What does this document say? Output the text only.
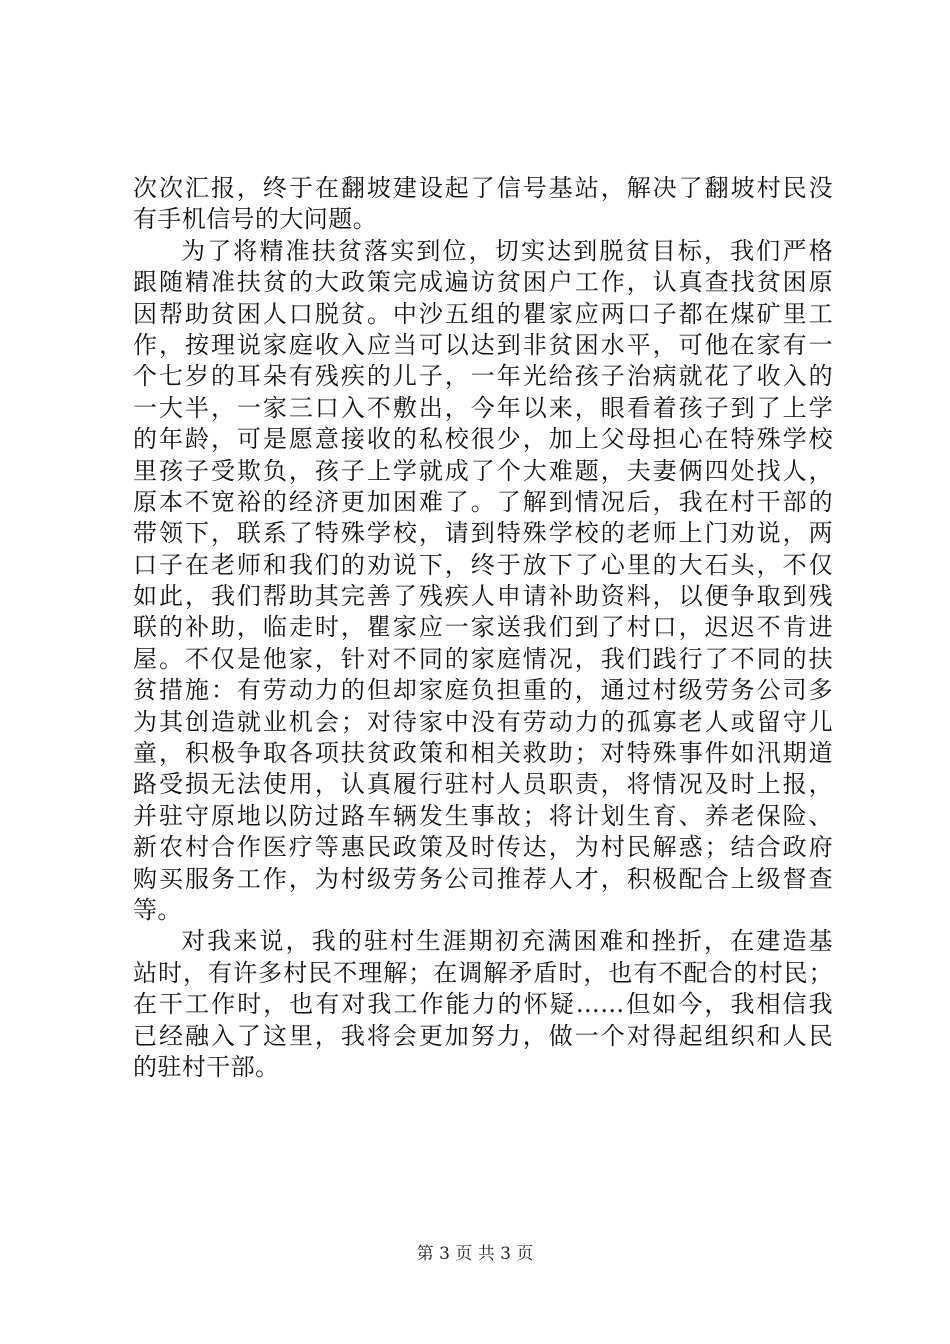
次次汇报，终于在翻坡建设起了信号基站，解决了翻坡村民没
有手机信号的大问题。
为了将精准扶贫落实到位，切实达到脱贫目标，我们严格
跟随精准扶贫的大政策完成遍访贫困户工作，认真查找贫困原
因帮助贫困人口脱贫。中沙五组的瞿家应两口子都在煤矿里工
作，按理说家庭收入应当可以达到非贫困水平，可他在家有一
个七岁的耳朵有残疾的儿子，一年光给孩子治病就花了收入的
一大半，一家三口入不敷出，今年以来，眼看着孩子到了上学
的年龄，可是愿意接收的私校很少，加上父母担心在特殊学校
里孩子受欺负，孩子上学就成了个大难题，夫妻俩四处找人，
原本不宽裕的经济更加困难了。了解到情况后，我在村干部的
带领下，联系了特殊学校，请到特殊学校的老师上门劝说，两
口子在老师和我们的劝说下，终于放下了心里的大石头，不仅
如此，我们帮助其完善了残疾人申请补助资料，以便争取到残
联的补助，临走时，瞿家应一家送我们到了村口，迟迟不肯进
屋。不仅是他家，针对不同的家庭情况，我们践行了不同的扶
贫措施：有劳动力的但却家庭负担重的，通过村级劳务公司多
为其创造就业机会；对待家中没有劳动力的孤寡老人或留守儿
童，积极争取各项扶贫政策和相关救助；对特殊事件如汛期道
路受损无法使用，认真履行驻村人员职责，将情况及时上报，
并驻守原地以防过路车辆发生事故；将计划生育、养老保险、
新农村合作医疗等惠民政策及时传达，为村民解惑；结合政府
购买服务工作，为村级劳务公司推荐人才，积极配合上级督查
等。
对我来说，我的驻村生涯期初充满困难和挫折，在建造基
站时，有许多村民不理解；在调解矛盾时，也有不配合的村民；
在干工作时，也有对我工作能力的怀疑……但如今，我相信我
已经融入了这里，我将会更加努力，做一个对得起组织和人民
的驻村干部。
第 3 页 共 3 页
